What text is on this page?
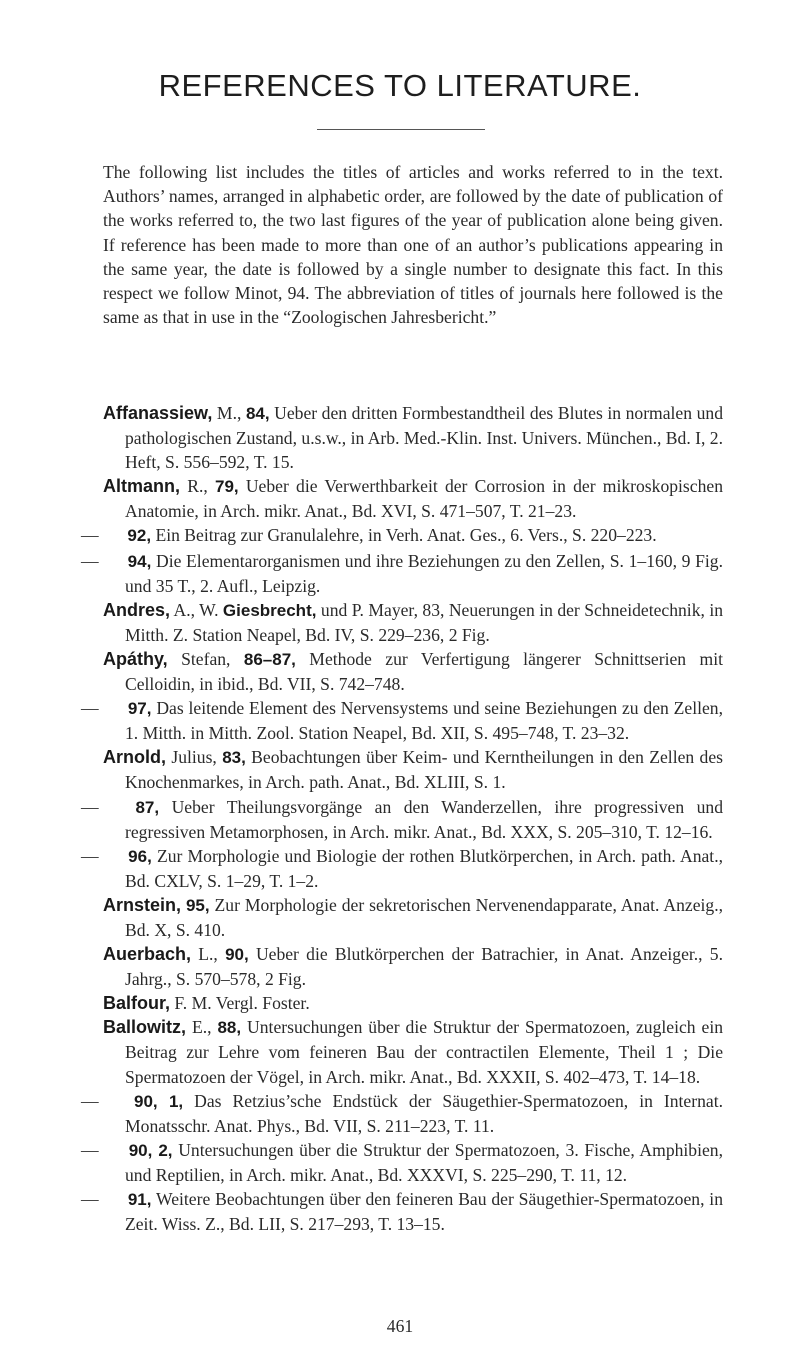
REFERENCES TO LITERATURE.

The following list includes the titles of articles and works referred to in the text. Authors’ names, arranged in alphabetic order, are followed by the date of publication of the works referred to, the two last figures of the year of publication alone being given. If reference has been made to more than one of an author’s publications appearing in the same year, the date is followed by a single number to designate this fact. In this respect we follow Minot, 94. The abbreviation of titles of journals here followed is the same as that in use in the “Zoologischen Jahresbericht.”

Affanassiew, M., 84, Ueber den dritten Formbestandtheil des Blutes in normalen und pathologischen Zustand, u.s.w., in Arb. Med.-Klin. Inst. Univers. München., Bd. I, 2. Heft, S. 556–592, T. 15.

Altmann, R., 79, Ueber die Verwerthbarkeit der Corrosion in der mikroskopischen Anatomie, in Arch. mikr. Anat., Bd. XVI, S. 471–507, T. 21–23.

— 92, Ein Beitrag zur Granulalehre, in Verh. Anat. Ges., 6. Vers., S. 220–223.

— 94, Die Elementarorganismen und ihre Beziehungen zu den Zellen, S. 1–160, 9 Fig. und 35 T., 2. Aufl., Leipzig.

Andres, A., W. Giesbrecht, und P. Mayer, 83, Neuerungen in der Schneidetechnik, in Mitth. Z. Station Neapel, Bd. IV, S. 229–236, 2 Fig.

Apáthy, Stefan, 86–87, Methode zur Verfertigung längerer Schnittserien mit Celloidin, in ibid., Bd. VII, S. 742–748.

— 97, Das leitende Element des Nervensystems und seine Beziehungen zu den Zellen, 1. Mitth. in Mitth. Zool. Station Neapel, Bd. XII, S. 495–748, T. 23–32.

Arnold, Julius, 83, Beobachtungen über Keim- und Kerntheilungen in den Zellen des Knochenmarkes, in Arch. path. Anat., Bd. XLIII, S. 1.

— 87, Ueber Theilungsvorgänge an den Wanderzellen, ihre progressiven und regressiven Metamorphosen, in Arch. mikr. Anat., Bd. XXX, S. 205–310, T. 12–16.

— 96, Zur Morphologie und Biologie der rothen Blutkörperchen, in Arch. path. Anat., Bd. CXLV, S. 1–29, T. 1–2.

Arnstein, 95, Zur Morphologie der sekretorischen Nervenendapparate, Anat. Anzeig., Bd. X, S. 410.

Auerbach, L., 90, Ueber die Blutkörperchen der Batrachier, in Anat. Anzeiger., 5. Jahrg., S. 570–578, 2 Fig.

Balfour, F. M. Vergl. Foster.

Ballowitz, E., 88, Untersuchungen über die Struktur der Spermatozoen, zugleich ein Beitrag zur Lehre vom feineren Bau der contractilen Elemente, Theil 1 ; Die Spermatozoen der Vögel, in Arch. mikr. Anat., Bd. XXXII, S. 402–473, T. 14–18.

— 90, 1, Das Retzius’sche Endstück der Säugethier-Spermatozoen, in Internat. Monatsschr. Anat. Phys., Bd. VII, S. 211–223, T. 11.

— 90, 2, Untersuchungen über die Struktur der Spermatozoen, 3. Fische, Amphibien, und Reptilien, in Arch. mikr. Anat., Bd. XXXVI, S. 225–290, T. 11, 12.

— 91, Weitere Beobachtungen über den feineren Bau der Säugethier-Spermatozoen, in Zeit. Wiss. Z., Bd. LII, S. 217–293, T. 13–15.

461
